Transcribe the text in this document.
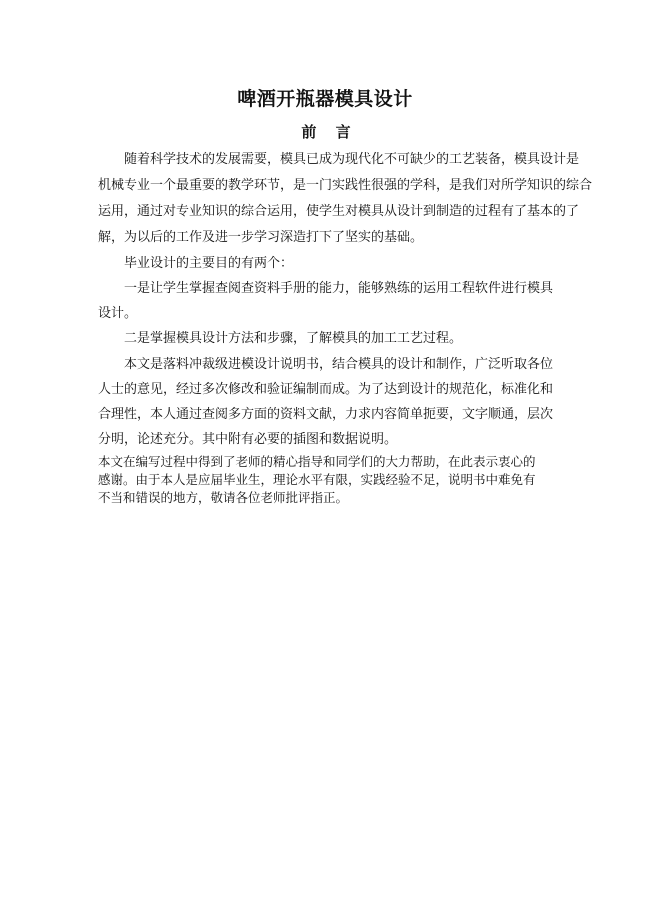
啤酒开瓶器模具设计
前 言
随着科学技术的发展需要，模具已成为现代化不可缺少的工艺装备，模具设计是
机械专业一个最重要的教学环节，是一门实践性很强的学科，是我们对所学知识的综合
运用，通过对专业知识的综合运用，使学生对模具从设计到制造的过程有了基本的了
解，为以后的工作及进一步学习深造打下了坚实的基础。
毕业设计的主要目的有两个：
一是让学生掌握查阅查资料手册的能力，能够熟练的运用工程软件进行模具
设计。
二是掌握模具设计方法和步骤，了解模具的加工工艺过程。
本文是落料冲裁级进模设计说明书，结合模具的设计和制作，广泛听取各位
人士的意见，经过多次修改和验证编制而成。为了达到设计的规范化，标准化和
合理性，本人通过查阅多方面的资料文献，力求内容简单扼要，文字顺通，层次
分明，论述充分。其中附有必要的插图和数据说明。
本文在编写过程中得到了老师的精心指导和同学们的大力帮助，在此表示衷心的
感谢。由于本人是应届毕业生，理论水平有限，实践经验不足，说明书中难免有
不当和错误的地方，敬请各位老师批评指正。
